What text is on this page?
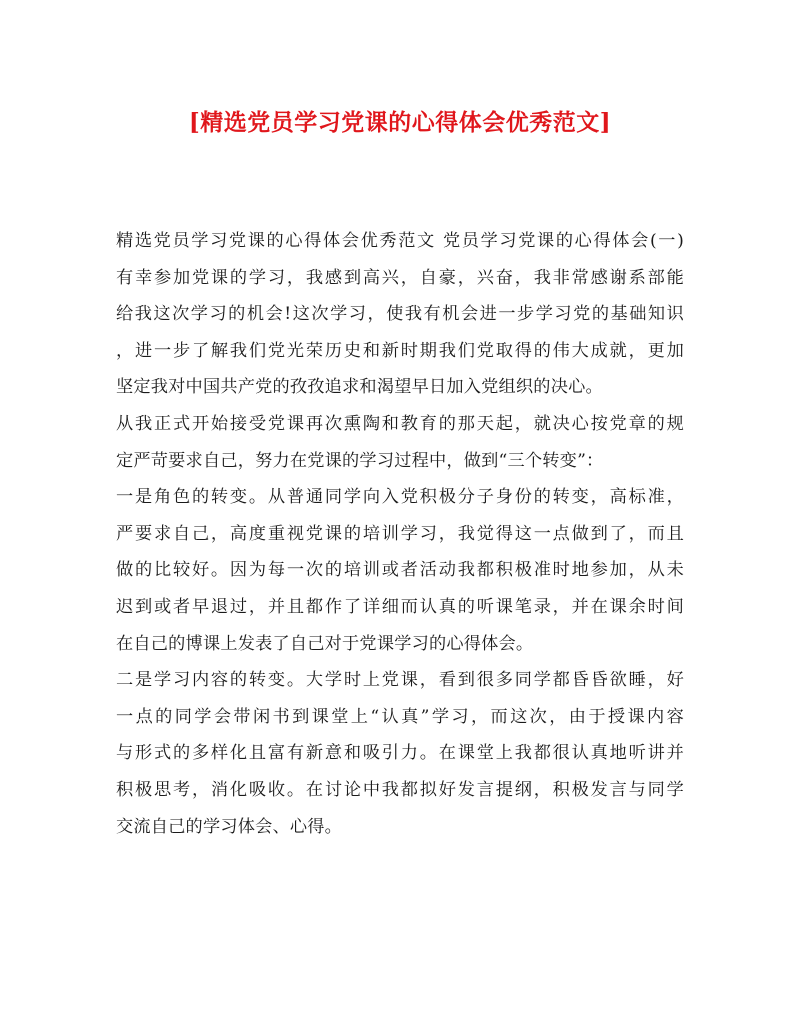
[精选党员学习党课的心得体会优秀范文]
精选党员学习党课的心得体会优秀范文 党员学习党课的心得体会(一)
有幸参加党课的学习，我感到高兴，自豪，兴奋，我非常感谢系部能
给我这次学习的机会!这次学习，使我有机会进一步学习党的基础知识
，进一步了解我们党光荣历史和新时期我们党取得的伟大成就，更加
坚定我对中国共产党的孜孜追求和渴望早日加入党组织的决心。
从我正式开始接受党课再次熏陶和教育的那天起，就决心按党章的规
定严苛要求自己，努力在党课的学习过程中，做到“三个转变”：
一是角色的转变。从普通同学向入党积极分子身份的转变，高标准，
严要求自己，高度重视党课的培训学习，我觉得这一点做到了，而且
做的比较好。因为每一次的培训或者活动我都积极准时地参加，从未
迟到或者早退过，并且都作了详细而认真的听课笔录，并在课余时间
在自己的博课上发表了自己对于党课学习的心得体会。
二是学习内容的转变。大学时上党课，看到很多同学都昏昏欲睡，好
一点的同学会带闲书到课堂上“认真”学习，而这次，由于授课内容
与形式的多样化且富有新意和吸引力。在课堂上我都很认真地听讲并
积极思考，消化吸收。在讨论中我都拟好发言提纲，积极发言与同学
交流自己的学习体会、心得。
